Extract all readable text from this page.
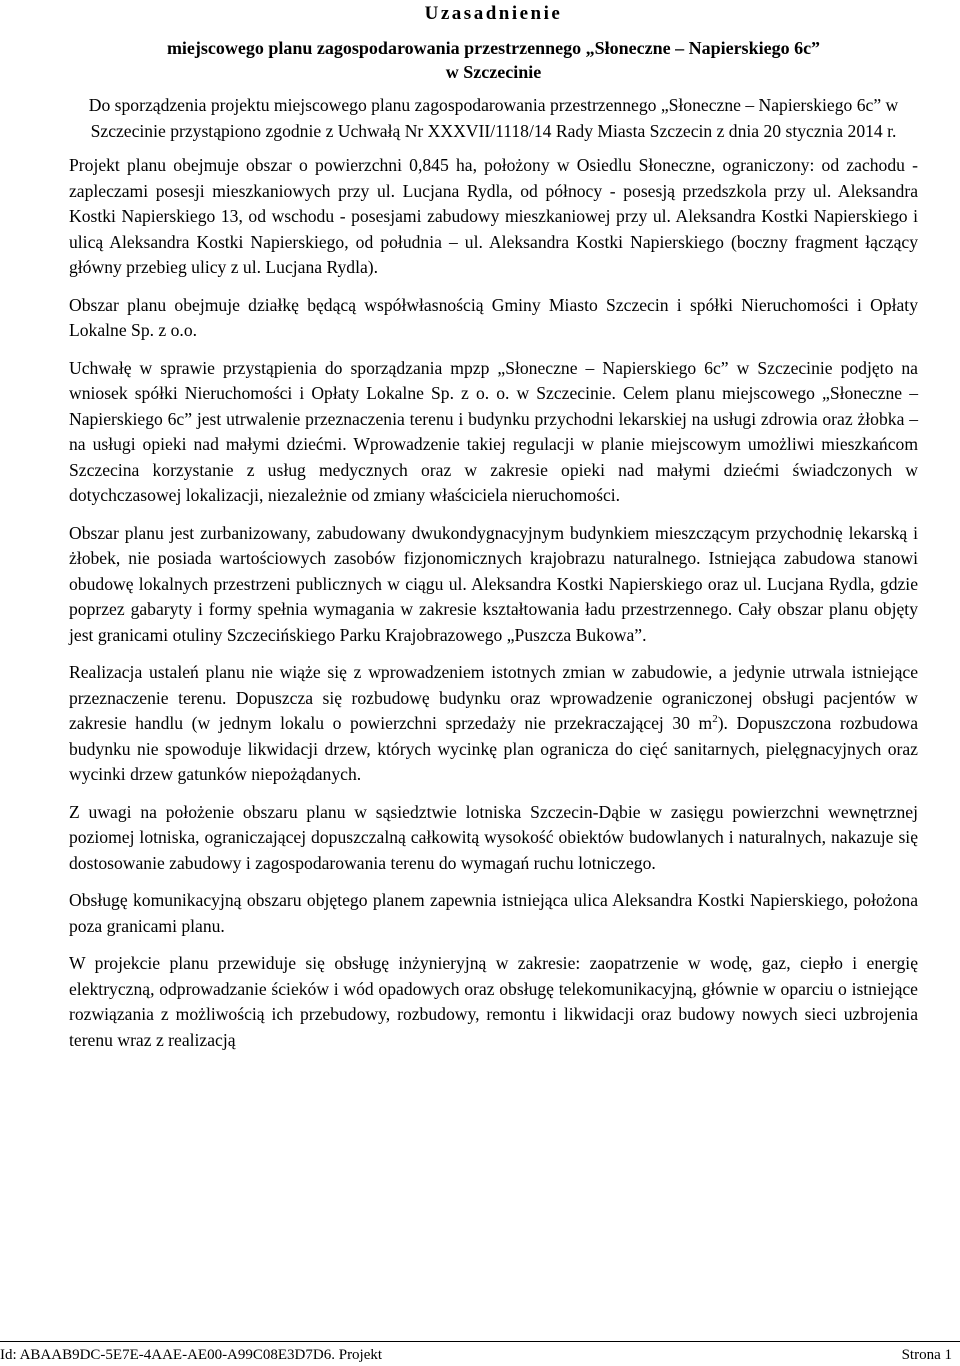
Uzasadnienie
miejscowego planu zagospodarowania przestrzennego „Słoneczne – Napierskiego 6c”
w Szczecinie

Do sporządzenia projektu miejscowego planu zagospodarowania przestrzennego „Słoneczne – Napierskiego 6c” w Szczecinie przystąpiono zgodnie z Uchwałą Nr XXXVII/1118/14 Rady Miasta Szczecin z dnia 20 stycznia 2014 r.

Projekt planu obejmuje obszar o powierzchni 0,845 ha, położony w Osiedlu Słoneczne, ograniczony: od zachodu - zapleczami posesji mieszkaniowych przy ul. Lucjana Rydla, od północy - posesją przedszkola przy ul. Aleksandra Kostki Napierskiego 13, od wschodu - posesjami zabudowy mieszkaniowej przy ul. Aleksandra Kostki Napierskiego i ulicą Aleksandra Kostki Napierskiego, od południa – ul. Aleksandra Kostki Napierskiego (boczny fragment łączący główny przebieg ulicy z ul. Lucjana Rydla).

Obszar planu obejmuje działkę będącą współwłasnością Gminy Miasto Szczecin i spółki Nieruchomości i Opłaty Lokalne Sp. z o.o.

Uchwałę w sprawie przystąpienia do sporządzania mpzp „Słoneczne – Napierskiego 6c” w Szczecinie podjęto na wniosek spółki Nieruchomości i Opłaty Lokalne Sp. z o. o. w Szczecinie. Celem planu miejscowego „Słoneczne – Napierskiego 6c” jest utrwalenie przeznaczenia terenu i budynku przychodni lekarskiej na usługi zdrowia oraz żłobka – na usługi opieki nad małymi dziećmi. Wprowadzenie takiej regulacji w planie miejscowym umożliwi mieszkańcom Szczecina korzystanie z usług medycznych oraz w zakresie opieki nad małymi dziećmi świadczonych w dotychczasowej lokalizacji, niezależnie od zmiany właściciela nieruchomości.

Obszar planu jest zurbanizowany, zabudowany dwukondygnacyjnym budynkiem mieszczącym przychodnię lekarską i żłobek, nie posiada wartościowych zasobów fizjonomicznych krajobrazu naturalnego. Istniejąca zabudowa stanowi obudowę lokalnych przestrzeni publicznych w ciągu ul. Aleksandra Kostki Napierskiego oraz ul. Lucjana Rydla, gdzie poprzez gabaryty i formy spełnia wymagania w zakresie kształtowania ładu przestrzennego. Cały obszar planu objęty jest granicami otuliny Szczecińskiego Parku Krajobrazowego „Puszcza Bukowa”.

Realizacja ustaleń planu nie wiąże się z wprowadzeniem istotnych zmian w zabudowie, a jedynie utrwala istniejące przeznaczenie terenu. Dopuszcza się rozbudowę budynku oraz wprowadzenie ograniczonej obsługi pacjentów w zakresie handlu (w jednym lokalu o powierzchni sprzedaży nie przekraczającej 30 $m^2$). Dopuszczona rozbudowa budynku nie spowoduje likwidacji drzew, których wycinkę plan ogranicza do cięć sanitarnych, pielęgnacyjnych oraz wycinki drzew gatunków niepożądanych.

Z uwagi na położenie obszaru planu w sąsiedztwie lotniska Szczecin-Dąbie w zasięgu powierzchni wewnętrznej poziomej lotniska, ograniczającej dopuszczalną całkowitą wysokość obiektów budowlanych i naturalnych, nakazuje się dostosowanie zabudowy i zagospodarowania terenu do wymagań ruchu lotniczego.

Obsługę komunikacyjną obszaru objętego planem zapewnia istniejąca ulica Aleksandra Kostki Napierskiego, położona poza granicami planu.

W projekcie planu przewiduje się obsługę inżynieryjną w zakresie: zaopatrzenie w wodę, gaz, ciepło i energię elektryczną, odprowadzanie ścieków i wód opadowych oraz obsługę telekomunikacyjną, głównie w oparciu o istniejące rozwiązania z możliwością ich przebudowy, rozbudowy, remontu i likwidacji oraz budowy nowych sieci uzbrojenia terenu wraz z realizacją

Id: ABAAB9DC-5E7E-4AAE-AE00-A99C08E3D7D6. Projekt	Strona 1
